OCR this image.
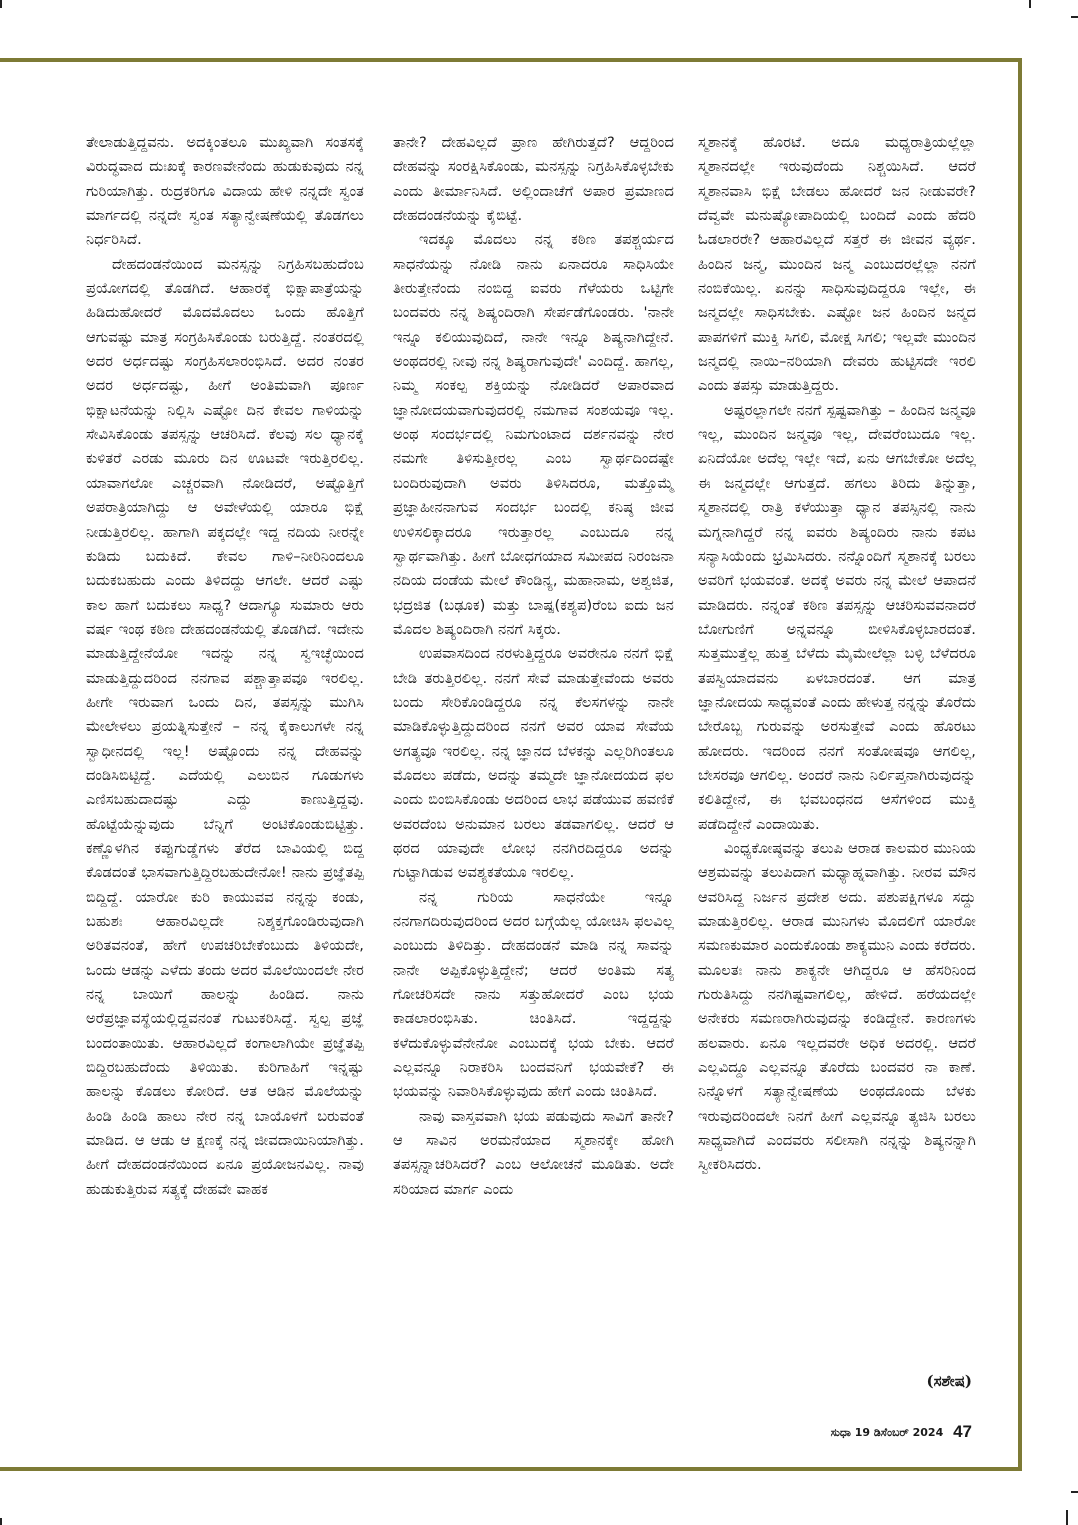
ತೇಲಾಡುತ್ತಿದ್ದವನು. ಅದಕ್ಕಿಂತಲೂ ಮುಖ್ಯವಾಗಿ ಸಂತಸಕ್ಕೆ ವಿರುದ್ಧವಾದ ದುಃಖಕ್ಕೆ ಕಾರಣವೇನೆಂದು ಹುಡುಕುವುದು ನನ್ನ ಗುರಿಯಾಗಿತ್ತು. ರುದ್ರಕರಿಗೂ ವಿದಾಯ ಹೇಳಿ ನನ್ನದೇ ಸ್ವಂತ ಮಾರ್ಗದಲ್ಲಿ ನನ್ನದೇ ಸ್ವಂತ ಸತ್ಯಾನ್ವೇಷಣೆಯಲ್ಲಿ ತೊಡಗಲು ನಿರ್ಧರಿಸಿದೆ.

ದೇಹದಂಡನೆಯಿಂದ ಮನಸ್ಸನ್ನು ನಿಗ್ರಹಿಸಬಹುದೆಂಬ ಪ್ರಯೋಗದಲ್ಲಿ ತೊಡಗಿದೆ. ಆಹಾರಕ್ಕೆ ಭಿಕ್ಷಾಪಾತ್ರೆಯನ್ನು ಹಿಡಿದುಹೋದರೆ ಮೊದಮೊದಲು ಒಂದು ಹೊತ್ತಿಗೆ ಆಗುವಷ್ಟು ಮಾತ್ರ ಸಂಗ್ರಹಿಸಿಕೊಂಡು ಬರುತ್ತಿದ್ದೆ. ನಂತರದಲ್ಲಿ ಅದರ ಅರ್ಧದಷ್ಟು ಸಂಗ್ರಹಿಸಲಾರಂಭಿಸಿದೆ. ಅದರ ನಂತರ ಅದರ ಅರ್ಧದಷ್ಟು, ಹೀಗೆ ಅಂತಿಮವಾಗಿ ಪೂರ್ಣ ಭಿಕ್ಷಾಟನೆಯನ್ನು ನಿಲ್ಲಿಸಿ ಎಷ್ಟೋ ದಿನ ಕೇವಲ ಗಾಳಿಯನ್ನು ಸೇವಿಸಿಕೊಂಡು ತಪಸ್ಸನ್ನು ಆಚರಿಸಿದೆ. ಕೆಲವು ಸಲ ಧ್ಯಾನಕ್ಕೆ ಕುಳಿತರೆ ಎರಡು ಮೂರು ದಿನ ಊಟವೇ ಇರುತ್ತಿರಲಿಲ್ಲ. ಯಾವಾಗಲೋ ಎಚ್ಚರವಾಗಿ ನೋಡಿದರೆ, ಅಷ್ಟೊತ್ತಿಗೆ ಅಪರಾತ್ರಿಯಾಗಿದ್ದು ಆ ಅವೇಳೆಯಲ್ಲಿ ಯಾರೂ ಭಿಕ್ಷೆ ನೀಡುತ್ತಿರಲಿಲ್ಲ. ಹಾಗಾಗಿ ಪಕ್ಕದಲ್ಲೇ ಇದ್ದ ನದಿಯ ನೀರನ್ನೇ ಕುಡಿದು ಬದುಕಿದೆ. ಕೇವಲ ಗಾಳಿ–ನೀರಿನಿಂದಲೂ ಬದುಕಬಹುದು ಎಂದು ತಿಳಿದದ್ದು ಆಗಲೇ. ಆದರೆ ಎಷ್ಟು ಕಾಲ ಹಾಗೆ ಬದುಕಲು ಸಾಧ್ಯ? ಆದಾಗ್ಯೂ ಸುಮಾರು ಆರು ವರ್ಷ ಇಂಥ ಕಠಿಣ ದೇಹದಂಡನೆಯಲ್ಲಿ ತೊಡಗಿದೆ. ಇದೇನು ಮಾಡುತ್ತಿದ್ದೇನೆಯೋ ಇದನ್ನು ನನ್ನ ಸ್ವಇಚ್ಛೆಯಿಂದ ಮಾಡುತ್ತಿದ್ದುದರಿಂದ ನನಗಾವ ಪಶ್ಚಾತ್ತಾಪವೂ ಇರಲಿಲ್ಲ. ಹೀಗೇ ಇರುವಾಗ ಒಂದು ದಿನ, ತಪಸ್ಸನ್ನು ಮುಗಿಸಿ ಮೇಲೇಳಲು ಪ್ರಯತ್ನಿಸುತ್ತೇನೆ – ನನ್ನ ಕೈಕಾಲುಗಳೇ ನನ್ನ ಸ್ವಾಧೀನದಲ್ಲಿ ಇಲ್ಲ! ಅಷ್ಟೊಂದು ನನ್ನ ದೇಹವನ್ನು ದಂಡಿಸಿಬಿಟ್ಟಿದ್ದೆ. ಎದೆಯಲ್ಲಿ ಎಲುಬಿನ ಗೂಡುಗಳು ಎಣಿಸಬಹುದಾದಷ್ಟು ಎದ್ದು ಕಾಣುತ್ತಿದ್ದವು. ಹೊಟ್ಟೆಯೆನ್ನುವುದು ಬೆನ್ನಿಗೆ ಅಂಟಿಕೊಂಡುಬಿಟ್ಟಿತ್ತು. ಕಣ್ಣೊಳಗಿನ ಕಪ್ಪುಗುಡ್ಡೆಗಳು ತೆರೆದ ಬಾವಿಯಲ್ಲಿ ಬಿದ್ದ ಕೊಡದಂತೆ ಭಾಸವಾಗುತ್ತಿದ್ದಿರಬಹುದೇನೋ! ನಾನು ಪ್ರಜ್ಞೆತಪ್ಪಿ ಬಿದ್ದಿದ್ದೆ. ಯಾರೋ ಕುರಿ ಕಾಯುವವ ನನ್ನನ್ನು ಕಂಡು, ಬಹುಶಃ ಆಹಾರವಿಲ್ಲದೇ ನಿಶ್ಶಕ್ತಗೊಂಡಿರುವುದಾಗಿ ಅರಿತವನಂತೆ, ಹೇಗೆ ಉಪಚರಿಬೇಕೆಂಬುದು ತಿಳಿಯದೇ, ಒಂದು ಆಡನ್ನು ಎಳೆದು ತಂದು ಅದರ ಮೊಲೆಯಿಂದಲೇ ನೇರ ನನ್ನ ಬಾಯಿಗೆ ಹಾಲನ್ನು ಹಿಂಡಿದ. ನಾನು ಅರೆಪ್ರಜ್ಞಾವಸ್ಥೆಯಲ್ಲಿದ್ದವನಂತೆ ಗುಟುಕರಿಸಿದ್ದೆ. ಸ್ವಲ್ಪ ಪ್ರಜ್ಞೆ ಬಂದಂತಾಯಿತು. ಆಹಾರವಿಲ್ಲದೆ ಕಂಗಾಲಾಗಿಯೇ ಪ್ರಜ್ಞೆತಪ್ಪಿ ಬಿದ್ದಿರಬಹುದೆಂದು ತಿಳಿಯಿತು. ಕುರಿಗಾಹಿಗೆ ಇನ್ನಷ್ಟು ಹಾಲನ್ನು ಕೊಡಲು ಕೋರಿದೆ. ಆತ ಆಡಿನ ಮೊಲೆಯನ್ನು ಹಿಂಡಿ ಹಿಂಡಿ ಹಾಲು ನೇರ ನನ್ನ ಬಾಯೊಳಗೆ ಬರುವಂತೆ ಮಾಡಿದ. ಆ ಆಡು ಆ ಕ್ಷಣಕ್ಕೆ ನನ್ನ ಜೀವದಾಯಿನಿಯಾಗಿತ್ತು. ಹೀಗೆ ದೇಹದಂಡನೆಯಿಂದ ಏನೂ ಪ್ರಯೋಜನವಿಲ್ಲ. ನಾವು ಹುಡುಕುತ್ತಿರುವ ಸತ್ಯಕ್ಕೆ ದೇಹವೇ ವಾಹಕ

ತಾನೇ? ದೇಹವಿಲ್ಲದೆ ಪ್ರಾಣ ಹೇಗಿರುತ್ತದೆ? ಆದ್ದರಿಂದ ದೇಹವನ್ನು ಸಂರಕ್ಷಿಸಿಕೊಂಡು, ಮನಸ್ಸನ್ನು ನಿಗ್ರಹಿಸಿಕೊಳ್ಳಬೇಕು ಎಂದು ತೀರ್ಮಾನಿಸಿದೆ. ಅಲ್ಲಿಂದಾಚೆಗೆ ಅಪಾರ ಪ್ರಮಾಣದ ದೇಹದಂಡನೆಯನ್ನು ಕೈಬಿಟ್ಟೆ.

ಇದಕ್ಕೂ ಮೊದಲು ನನ್ನ ಕಠಿಣ ತಪಶ್ಚರ್ಯದ ಸಾಧನೆಯನ್ನು ನೋಡಿ ನಾನು ಏನಾದರೂ ಸಾಧಿಸಿಯೇ ತೀರುತ್ತೇನೆಂದು ನಂಬಿದ್ದ ಐವರು ಗೆಳೆಯರು ಒಟ್ಟಿಗೇ ಬಂದವರು ನನ್ನ ಶಿಷ್ಯಂದಿರಾಗಿ ಸೇರ್ಪಡೆಗೊಂಡರು. 'ನಾನೇ ಇನ್ನೂ ಕಲಿಯುವುದಿದೆ, ನಾನೇ ಇನ್ನೂ ಶಿಷ್ಯನಾಗಿದ್ದೇನೆ. ಅಂಥದರಲ್ಲಿ ನೀವು ನನ್ನ ಶಿಷ್ಯರಾಗುವುದೇ' ಎಂದಿದ್ದೆ. ಹಾಗಲ್ಲ, ನಿಮ್ಮ ಸಂಕಲ್ಪ ಶಕ್ತಿಯನ್ನು ನೋಡಿದರೆ ಅಪಾರವಾದ ಜ್ಞಾನೋದಯವಾಗುವುದರಲ್ಲಿ ನಮಗಾವ ಸಂಶಯವೂ ಇಲ್ಲ. ಅಂಥ ಸಂದರ್ಭದಲ್ಲಿ ನಿಮಗುಂಟಾದ ದರ್ಶನವನ್ನು ನೇರ ನಮಗೇ ತಿಳಿಸುತ್ತೀರಲ್ಲ ಎಂಬ ಸ್ವಾರ್ಥದಿಂದಷ್ಟೇ ಬಂದಿರುವುದಾಗಿ ಅವರು ತಿಳಿಸಿದರೂ, ಮತ್ತೊಮ್ಮೆ ಪ್ರಜ್ಞಾಹೀನನಾಗುವ ಸಂದರ್ಭ ಬಂದಲ್ಲಿ ಕನಿಷ್ಠ ಜೀವ ಉಳಿಸಲಿಕ್ಕಾದರೂ ಇರುತ್ತಾರಲ್ಲ ಎಂಬುದೂ ನನ್ನ ಸ್ವಾರ್ಥವಾಗಿತ್ತು. ಹೀಗೆ ಬೋಧಗಯಾದ ಸಮೀಪದ ನಿರಂಜನಾ ನದಿಯ ದಂಡೆಯ ಮೇಲೆ ಕೌಂಡಿನ್ಯ, ಮಹಾನಾಮ, ಅಶ್ವಜಿತ, ಭದ್ರಜಿತ (ಬಢೂಕ) ಮತ್ತು ಬಾಷ್ಪ(ಕಶ್ಯಪ)ರೆಂಬ ಐದು ಜನ ಮೊದಲ ಶಿಷ್ಯಂದಿರಾಗಿ ನನಗೆ ಸಿಕ್ಕರು.

ಉಪವಾಸದಿಂದ ನರಳುತ್ತಿದ್ದರೂ ಅವರೇನೂ ನನಗೆ ಭಿಕ್ಷೆ ಬೇಡಿ ತರುತ್ತಿರಲಿಲ್ಲ. ನನಗೆ ಸೇವೆ ಮಾಡುತ್ತೇವೆಂದು ಅವರು ಬಂದು ಸೇರಿಕೊಂಡಿದ್ದರೂ ನನ್ನ ಕೆಲಸಗಳನ್ನು ನಾನೇ ಮಾಡಿಕೊಳ್ಳುತ್ತಿದ್ದುದರಿಂದ ನನಗೆ ಅವರ ಯಾವ ಸೇವೆಯ ಅಗತ್ಯವೂ ಇರಲಿಲ್ಲ. ನನ್ನ ಜ್ಞಾನದ ಬೆಳಕನ್ನು ಎಲ್ಲರಿಗಿಂತಲೂ ಮೊದಲು ಪಡೆದು, ಅದನ್ನು ತಮ್ಮದೇ ಜ್ಞಾನೋದಯದ ಫಲ ಎಂದು ಬಿಂಬಿಸಿಕೊಂಡು ಅದರಿಂದ ಲಾಭ ಪಡೆಯುವ ಹವಣಿಕೆ ಅವರದೆಂಬ ಅನುಮಾನ ಬರಲು ತಡವಾಗಲಿಲ್ಲ. ಆದರೆ ಆ ಥರದ ಯಾವುದೇ ಲೋಭ ನನಗಿರದಿದ್ದರೂ ಅದನ್ನು ಗುಟ್ಟಾಗಿಡುವ ಅವಶ್ಯಕತೆಯೂ ಇರಲಿಲ್ಲ.

ನನ್ನ ಗುರಿಯ ಸಾಧನೆಯೇ ಇನ್ನೂ ನನಗಾಗದಿರುವುದರಿಂದ ಅದರ ಬಗ್ಗೆಯೆಲ್ಲ ಯೋಚಿಸಿ ಫಲವಿಲ್ಲ ಎಂಬುದು ತಿಳಿದಿತ್ತು. ದೇಹದಂಡನೆ ಮಾಡಿ ನನ್ನ ಸಾವನ್ನು ನಾನೇ ಅಪ್ಪಿಕೊಳ್ಳುತ್ತಿದ್ದೇನೆ; ಆದರೆ ಅಂತಿಮ ಸತ್ಯ ಗೋಚರಿಸದೇ ನಾನು ಸತ್ತುಹೋದರೆ ಎಂಬ ಭಯ ಕಾಡಲಾರಂಭಿಸಿತು. ಚಿಂತಿಸಿದೆ. ಇದ್ದದ್ದನ್ನು ಕಳೆದುಕೊಳ್ಳುವೆನೇನೋ ಎಂಬುದಕ್ಕೆ ಭಯ ಬೇಕು. ಆದರೆ ಎಲ್ಲವನ್ನೂ ನಿರಾಕರಿಸಿ ಬಂದವನಿಗೆ ಭಯವೇಕೆ? ಈ ಭಯವನ್ನು ನಿವಾರಿಸಿಕೊಳ್ಳುವುದು ಹೇಗೆ ಎಂದು ಚಿಂತಿಸಿದೆ.

ನಾವು ವಾಸ್ತವವಾಗಿ ಭಯ ಪಡುವುದು ಸಾವಿಗೆ ತಾನೇ? ಆ ಸಾವಿನ ಅರಮನೆಯಾದ ಸ್ಮಶಾನಕ್ಕೇ ಹೋಗಿ ತಪಸ್ಸನ್ನಾಚರಿಸಿದರೆ? ಎಂಬ ಆಲೋಚನೆ ಮೂಡಿತು. ಅದೇ ಸರಿಯಾದ ಮಾರ್ಗ ಎಂದು

ಸ್ಮಶಾನಕ್ಕೆ ಹೊರಟೆ. ಅದೂ ಮಧ್ಯರಾತ್ರಿಯಲ್ಲೆಲ್ಲಾ ಸ್ಮಶಾನದಲ್ಲೇ ಇರುವುದೆಂದು ನಿಶ್ಚಯಿಸಿದೆ. ಆದರೆ ಸ್ಮಶಾನವಾಸಿ ಭಿಕ್ಷೆ ಬೇಡಲು ಹೋದರೆ ಜನ ನೀಡುವರೇ? ದೆವ್ವವೇ ಮನುಷ್ಯೋಪಾದಿಯಲ್ಲಿ ಬಂದಿದೆ ಎಂದು ಹೆದರಿ ಓಡಲಾರರೇ? ಆಹಾರವಿಲ್ಲದೆ ಸತ್ತರೆ ಈ ಜೀವನ ವ್ಯರ್ಥ. ಹಿಂದಿನ ಜನ್ಮ, ಮುಂದಿನ ಜನ್ಮ ಎಂಬುದರಲ್ಲೆಲ್ಲಾ ನನಗೆ ನಂಬಿಕೆಯಿಲ್ಲ. ಏನನ್ನು ಸಾಧಿಸುವುದಿದ್ದರೂ ಇಲ್ಲೇ, ಈ ಜನ್ಮದಲ್ಲೇ ಸಾಧಿಸಬೇಕು. ಎಷ್ಟೋ ಜನ ಹಿಂದಿನ ಜನ್ಮದ ಪಾಪಗಳಿಗೆ ಮುಕ್ತಿ ಸಿಗಲಿ, ಮೋಕ್ಷ ಸಿಗಲಿ; ಇಲ್ಲವೇ ಮುಂದಿನ ಜನ್ಮದಲ್ಲಿ ನಾಯಿ–ನರಿಯಾಗಿ ದೇವರು ಹುಟ್ಟಿಸದೇ ಇರಲಿ ಎಂದು ತಪಸ್ಸು ಮಾಡುತ್ತಿದ್ದರು.

ಅಷ್ಟರಲ್ಲಾಗಲೇ ನನಗೆ ಸ್ಪಷ್ಟವಾಗಿತ್ತು – ಹಿಂದಿನ ಜನ್ಮವೂ ಇಲ್ಲ, ಮುಂದಿನ ಜನ್ಮವೂ ಇಲ್ಲ, ದೇವರೆಂಬುದೂ ಇಲ್ಲ. ಏನಿದೆಯೋ ಅದೆಲ್ಲ ಇಲ್ಲೇ ಇದೆ, ಏನು ಆಗಬೇಕೋ ಅದೆಲ್ಲ ಈ ಜನ್ಮದಲ್ಲೇ ಆಗುತ್ತದೆ. ಹಗಲು ತಿರಿದು ತಿನ್ನುತ್ತಾ, ಸ್ಮಶಾನದಲ್ಲಿ ರಾತ್ರಿ ಕಳೆಯುತ್ತಾ ಧ್ಯಾನ ತಪಸ್ಸಿನಲ್ಲಿ ನಾನು ಮಗ್ನನಾಗಿದ್ದರೆ ನನ್ನ ಐವರು ಶಿಷ್ಯಂದಿರು ನಾನು ಕಪಟ ಸನ್ಯಾಸಿಯೆಂದು ಭ್ರಮಿಸಿದರು. ನನ್ನೊಂದಿಗೆ ಸ್ಮಶಾನಕ್ಕೆ ಬರಲು ಅವರಿಗೆ ಭಯವಂತೆ. ಅದಕ್ಕೆ ಅವರು ನನ್ನ ಮೇಲೆ ಆಪಾದನೆ ಮಾಡಿದರು. ನನ್ನಂತೆ ಕಠಿಣ ತಪಸ್ಸನ್ನು ಆಚರಿಸುವವನಾದರೆ ಬೋಗುಣಿಗೆ ಅನ್ನವನ್ನೂ ಬೀಳಿಸಿಕೊಳ್ಳಬಾರದಂತೆ. ಸುತ್ತಮುತ್ತೆಲ್ಲ ಹುತ್ತ ಬೆಳೆದು ಮೈಮೇಲೆಲ್ಲಾ ಬಳ್ಳಿ ಬೆಳೆದರೂ ತಪಸ್ವಿಯಾದವನು ಏಳಬಾರದಂತೆ. ಆಗ ಮಾತ್ರ ಜ್ಞಾನೋದಯ ಸಾಧ್ಯವಂತೆ ಎಂದು ಹೇಳುತ್ತ ನನ್ನನ್ನು ತೊರೆದು ಬೇರೊಬ್ಬ ಗುರುವನ್ನು ಅರಸುತ್ತೇವೆ ಎಂದು ಹೊರಟು ಹೋದರು. ಇದರಿಂದ ನನಗೆ ಸಂತೋಷವೂ ಆಗಲಿಲ್ಲ, ಬೇಸರವೂ ಆಗಲಿಲ್ಲ. ಅಂದರೆ ನಾನು ನಿರ್ಲಿಪ್ತನಾಗಿರುವುದನ್ನು ಕಲಿತಿದ್ದೇನೆ, ಈ ಭವಬಂಧನದ ಆಸೆಗಳಿಂದ ಮುಕ್ತಿ ಪಡೆದಿದ್ದೇನೆ ಎಂದಾಯಿತು.

ವಿಂಧ್ಯಕೋಷ್ಠವನ್ನು ತಲುಪಿ ಆರಾಡ ಕಾಲಮರ ಮುನಿಯ ಆಶ್ರಮವನ್ನು ತಲುಪಿದಾಗ ಮಧ್ಯಾಹ್ನವಾಗಿತ್ತು. ನೀರವ ಮೌನ ಆವರಿಸಿದ್ದ ನಿರ್ಜನ ಪ್ರದೇಶ ಅದು. ಪಶುಪಕ್ಷಿಗಳೂ ಸದ್ದು ಮಾಡುತ್ತಿರಲಿಲ್ಲ. ಆರಾಡ ಮುನಿಗಳು ಮೊದಲಿಗೆ ಯಾರೋ ಸಮಣಕುಮಾರ ಎಂದುಕೊಂಡು ಶಾಕ್ಯಮುನಿ ಎಂದು ಕರೆದರು. ಮೂಲತಃ ನಾನು ಶಾಕ್ಯನೇ ಆಗಿದ್ದರೂ ಆ ಹೆಸರಿನಿಂದ ಗುರುತಿಸಿದ್ದು ನನಗಿಷ್ಟವಾಗಲಿಲ್ಲ, ಹೇಳಿದೆ. ಹರೆಯದಲ್ಲೇ ಅನೇಕರು ಸಮಣರಾಗಿರುವುದನ್ನು ಕಂಡಿದ್ದೇನೆ. ಕಾರಣಗಳು ಹಲವಾರು. ಏನೂ ಇಲ್ಲದವರೇ ಅಧಿಕ ಅದರಲ್ಲಿ. ಆದರೆ ಎಲ್ಲವಿದ್ದೂ ಎಲ್ಲವನ್ನೂ ತೊರೆದು ಬಂದವರ ನಾ ಕಾಣೆ. ನಿನ್ನೊಳಗೆ ಸತ್ಯಾನ್ವೇಷಣೆಯ ಅಂಥದೊಂದು ಬೆಳಕು ಇರುವುದರಿಂದಲೇ ನಿನಗೆ ಹೀಗೆ ಎಲ್ಲವನ್ನೂ ತ್ಯಜಿಸಿ ಬರಲು ಸಾಧ್ಯವಾಗಿದೆ ಎಂದವರು ಸಲೀಸಾಗಿ ನನ್ನನ್ನು ಶಿಷ್ಯನನ್ನಾಗಿ ಸ್ವೀಕರಿಸಿದರು.

(ಸಶೇಷ)
ಸುಧಾ 19 ಡಿಸೆಂಬರ್ 2024 47
